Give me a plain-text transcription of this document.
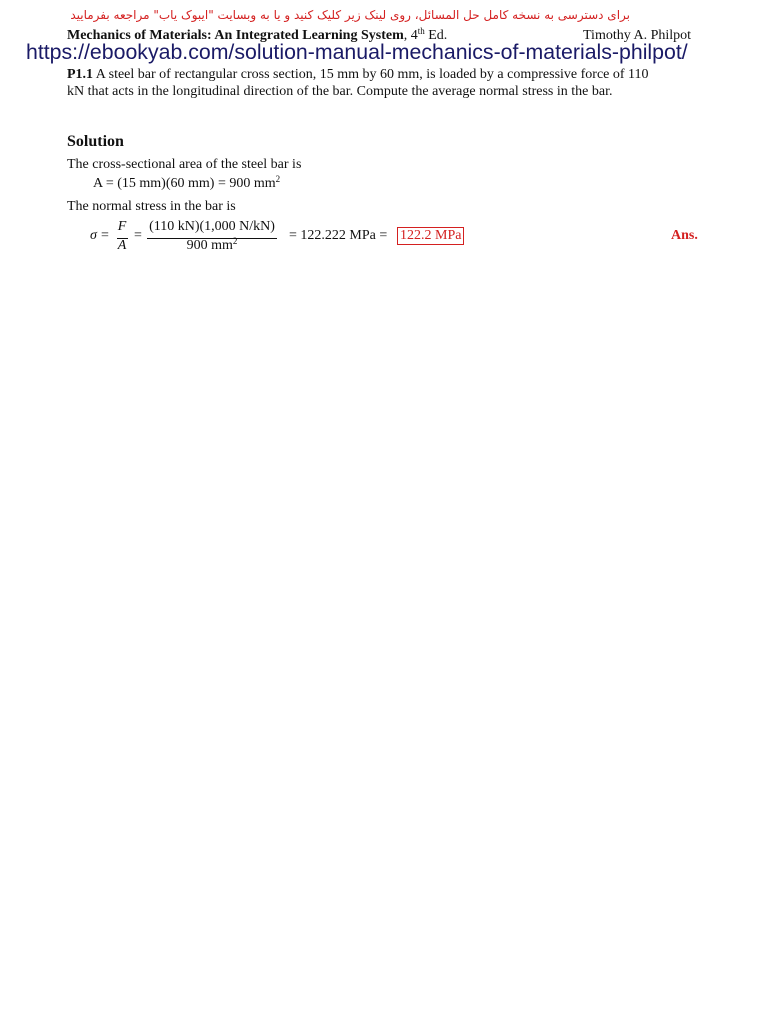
برای دسترسی به نسخه کامل حل المسائل، روی لینک زیر کلیک کنید و یا به وبسایت "ایبوک یاب" مراجعه بفرمایید
Mechanics of Materials: An Integrated Learning System, 4th Ed.	Timothy A. Philpot
https://ebookyab.com/solution-manual-mechanics-of-materials-philpot/
P1.1 A steel bar of rectangular cross section, 15 mm by 60 mm, is loaded by a compressive force of 110
kN that acts in the longitudinal direction of the bar. Compute the average normal stress in the bar.
Solution
The cross-sectional area of the steel bar is
A = (15 mm)(60 mm) = 900 $mm^2$
The normal stress in the bar is
σ =
F
A
=
(110 kN)(1,000 N/kN)
900 $mm^2$	= 122.222 MPa = 122.2 MPa	Ans.
